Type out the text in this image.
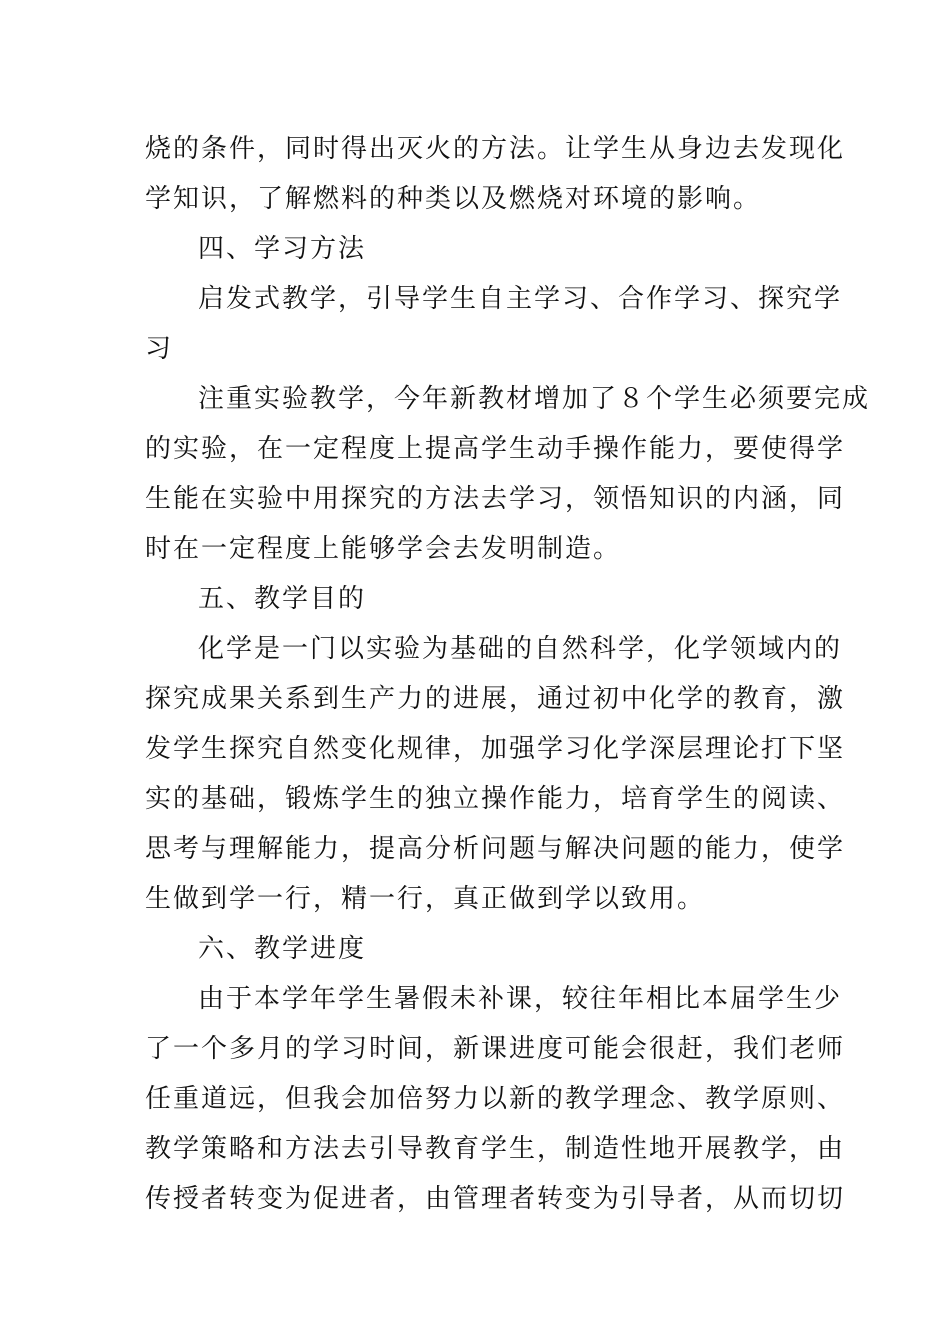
烧的条件，同时得出灭火的方法。让学生从身边去发现化
学知识，了解燃料的种类以及燃烧对环境的影响。
四、学习方法
启发式教学，引导学生自主学习、合作学习、探究学
习
注重实验教学，今年新教材增加了８个学生必须要完成
的实验，在一定程度上提高学生动手操作能力，要使得学
生能在实验中用探究的方法去学习，领悟知识的内涵，同
时在一定程度上能够学会去发明制造。
五、教学目的
化学是一门以实验为基础的自然科学，化学领域内的
探究成果关系到生产力的进展，通过初中化学的教育，激
发学生探究自然变化规律，加强学习化学深层理论打下坚
实的基础，锻炼学生的独立操作能力，培育学生的阅读、
思考与理解能力，提高分析问题与解决问题的能力，使学
生做到学一行，精一行，真正做到学以致用。
六、教学进度
由于本学年学生暑假未补课，较往年相比本届学生少
了一个多月的学习时间，新课进度可能会很赶，我们老师
任重道远，但我会加倍努力以新的教学理念、教学原则、
教学策略和方法去引导教育学生，制造性地开展教学，由
传授者转变为促进者，由管理者转变为引导者，从而切切
